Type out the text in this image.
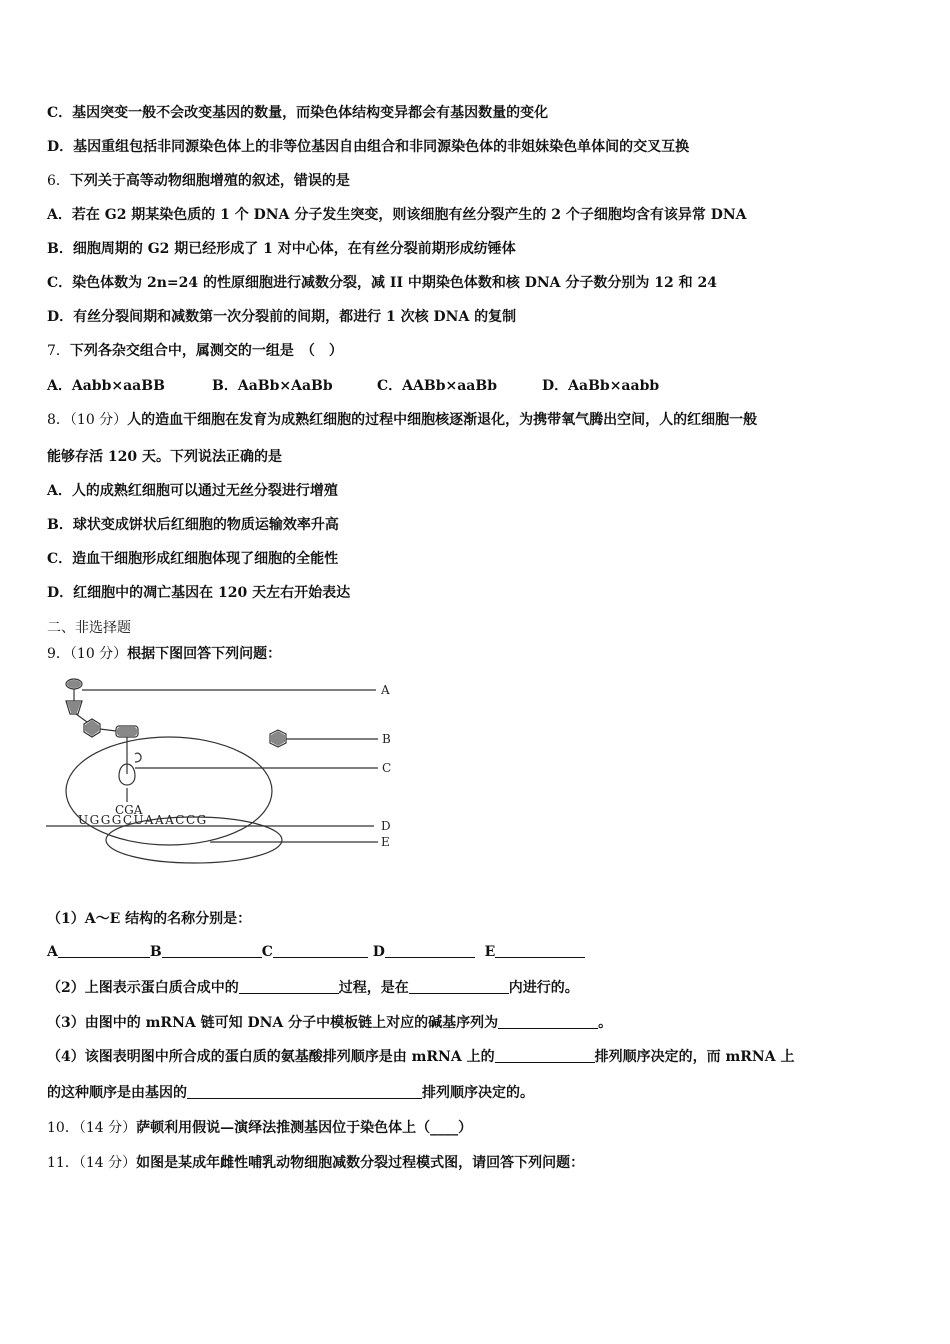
C．基因突变一般不会改变基因的数量，而染色体结构变异都会有基因数量的变化
D．基因重组包括非同源染色体上的非等位基因自由组合和非同源染色体的非姐妹染色单体间的交叉互换
6．下列关于高等动物细胞增殖的叙述，错误的是
A．若在 G2 期某染色质的 1 个 DNA 分子发生突变，则该细胞有丝分裂产生的 2 个子细胞均含有该异常 DNA
B．细胞周期的 G2 期已经形成了 1 对中心体，在有丝分裂前期形成纺锤体
C．染色体数为 2n=24 的性原细胞进行减数分裂，减 II 中期染色体数和核 DNA 分子数分别为 12 和 24
D．有丝分裂间期和减数第一次分裂前的间期，都进行 1 次核 DNA 的复制
7．下列各杂交组合中，属测交的一组是　（　）
A．Aabb×aaBB	B．AaBb×AaBb	C．AABb×aaBb	D．AaBb×aabb
8．（10 分）人的造血干细胞在发育为成熟红细胞的过程中细胞核逐渐退化，为携带氧气腾出空间，人的红细胞一般
能够存活 120 天。下列说法正确的是
A．人的成熟红细胞可以通过无丝分裂进行增殖
B．球状变成饼状后红细胞的物质运输效率升高
C．造血干细胞形成红细胞体现了细胞的全能性
D．红细胞中的凋亡基因在 120 天左右开始表达
二、非选择题
9．（10 分）根据下图回答下列问题：
CGA
UGGGCUAAACCG
A
B
C
D
E
（1）A～E 结构的名称分别是：
A	B	C	D	E
（2）上图表示蛋白质合成中的	过程，是在	内进行的。
（3）由图中的 mRNA 链可知 DNA 分子中模板链上对应的碱基序列为	。
（4）该图表明图中所合成的蛋白质的氨基酸排列顺序是由 mRNA 上的	排列顺序决定的，而 mRNA 上
的这种顺序是由基因的	排列顺序决定的。
10．（14 分）萨顿利用假说—演绎法推测基因位于染色体上（____）
11．（14 分）如图是某成年雌性哺乳动物细胞减数分裂过程模式图，请回答下列问题：
